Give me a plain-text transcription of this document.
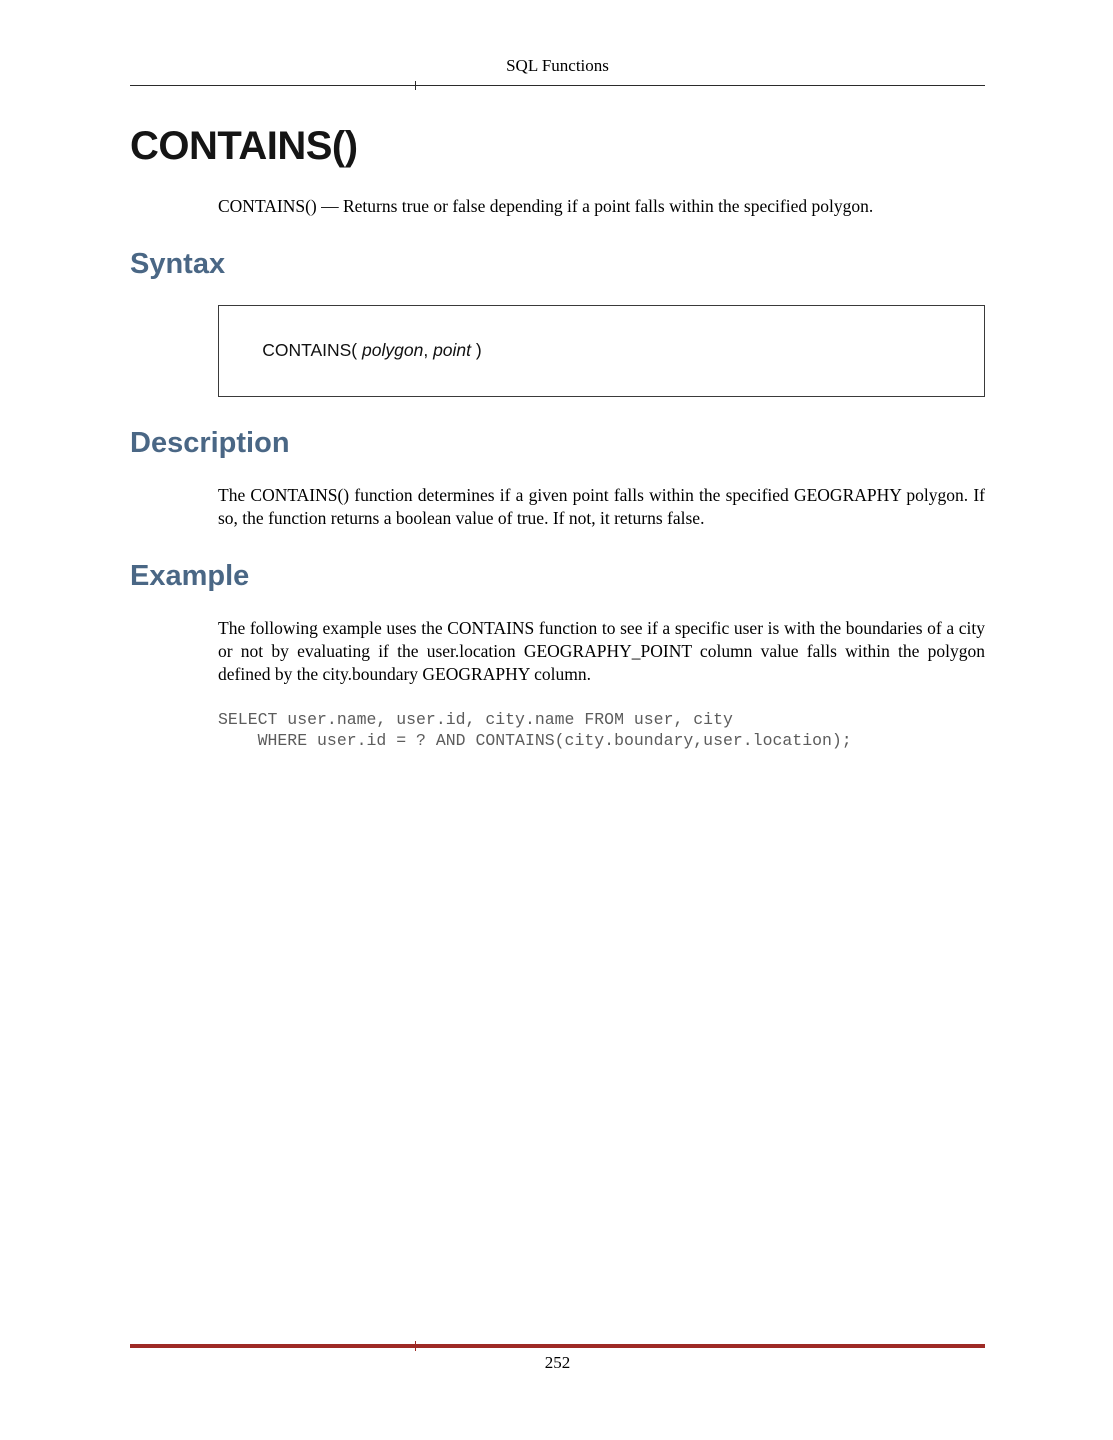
SQL Functions
CONTAINS()

CONTAINS() — Returns true or false depending if a point falls within the specified polygon.

Syntax

CONTAINS( polygon, point )

Description

The CONTAINS() function determines if a given point falls within the specified GEOGRAPHY polygon. If so, the function returns a boolean value of true. If not, it returns false.

Example

The following example uses the CONTAINS function to see if a specific user is with the boundaries of a city or not by evaluating if the user.location GEOGRAPHY_POINT column value falls within the polygon defined by the city.boundary GEOGRAPHY column.

SELECT user.name, user.id, city.name FROM user, city
WHERE user.id = ? AND CONTAINS(city.boundary,user.location);
252
